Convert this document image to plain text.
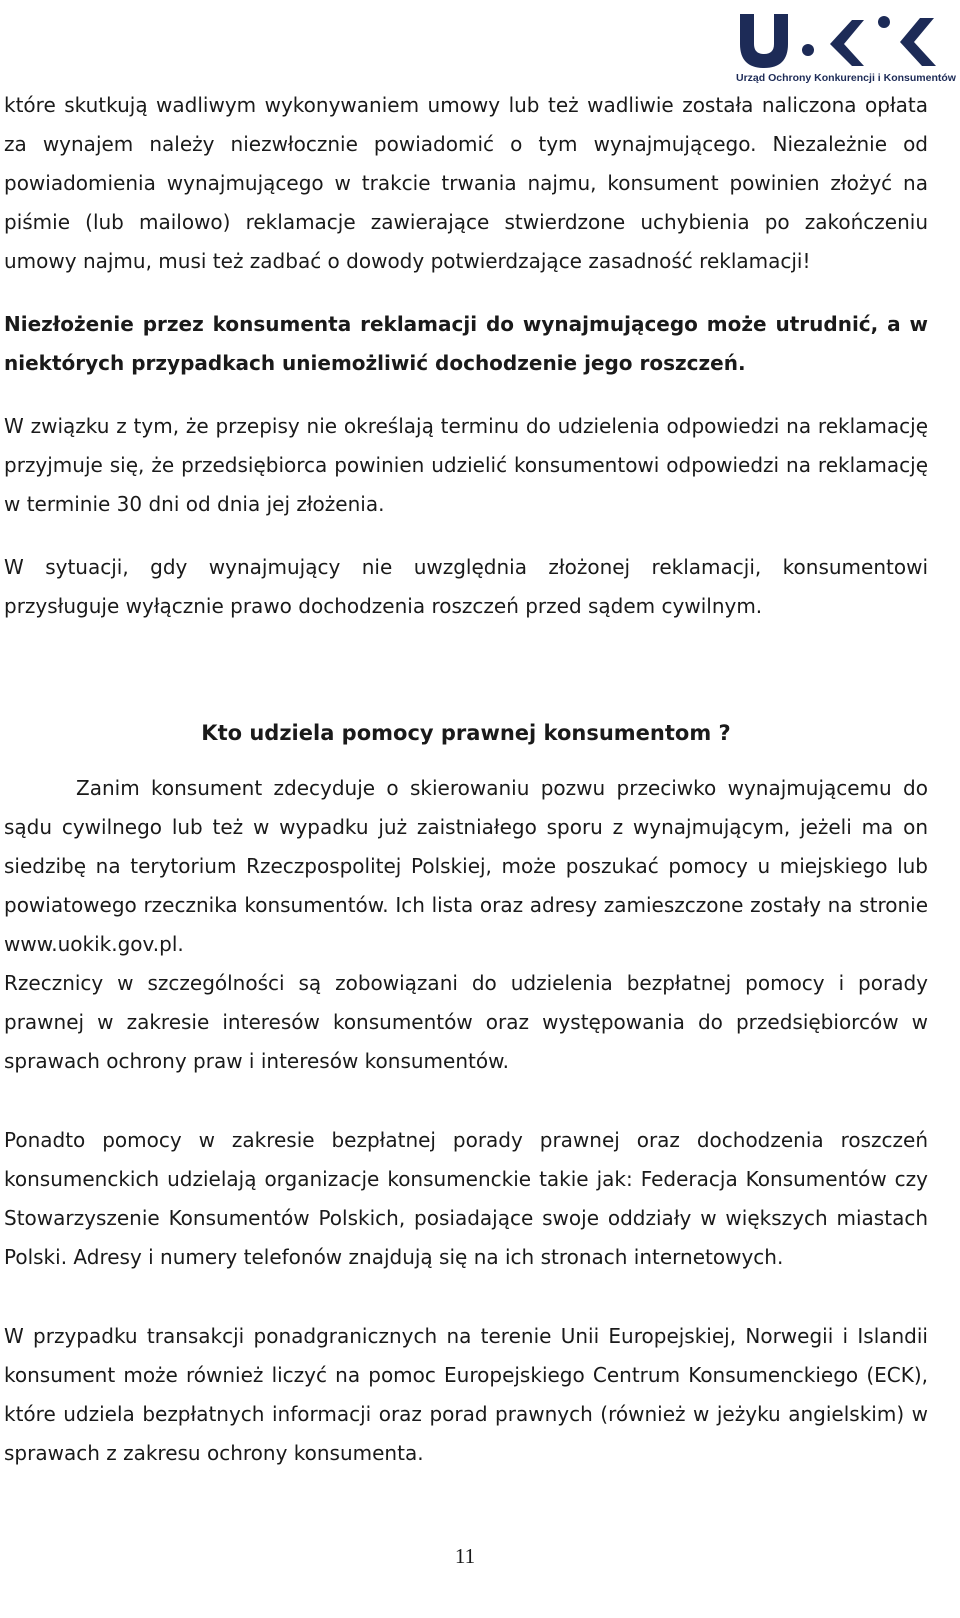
Urząd Ochrony Konkurencji i Konsumentów

które skutkują wadliwym wykonywaniem umowy lub też wadliwie została naliczona opłata za wynajem należy niezwłocznie powiadomić o tym wynajmującego. Niezależnie od powiadomienia wynajmującego w trakcie trwania najmu, konsument powinien złożyć na piśmie (lub mailowo) reklamacje zawierające stwierdzone uchybienia po zakończeniu umowy najmu, musi też zadbać o dowody potwierdzające zasadność reklamacji!

Niezłożenie przez konsumenta reklamacji do wynajmującego może utrudnić, a w niektórych przypadkach uniemożliwić dochodzenie jego roszczeń.

W związku z tym, że przepisy nie określają terminu do udzielenia odpowiedzi na reklamację przyjmuje się, że przedsiębiorca powinien udzielić konsumentowi odpowiedzi na reklamację w terminie 30 dni od dnia jej złożenia.

W sytuacji, gdy wynajmujący nie uwzględnia złożonej reklamacji, konsumentowi przysługuje wyłącznie prawo dochodzenia roszczeń przed sądem cywilnym.

Kto udziela pomocy prawnej konsumentom ?

Zanim konsument zdecyduje o skierowaniu pozwu przeciwko wynajmującemu do sądu cywilnego lub też w wypadku już zaistniałego sporu z wynajmującym, jeżeli ma on siedzibę na terytorium Rzeczpospolitej Polskiej, może poszukać pomocy u miejskiego lub powiatowego rzecznika konsumentów. Ich lista oraz adresy zamieszczone zostały na stronie www.uokik.gov.pl.

Rzecznicy w szczególności są zobowiązani do udzielenia bezpłatnej pomocy i porady prawnej w zakresie interesów konsumentów oraz występowania do przedsiębiorców w sprawach ochrony praw i interesów konsumentów.

Ponadto pomocy w zakresie bezpłatnej porady prawnej oraz dochodzenia roszczeń konsumenckich udzielają organizacje konsumenckie takie jak: Federacja Konsumentów czy Stowarzyszenie Konsumentów Polskich, posiadające swoje oddziały w większych miastach Polski. Adresy i numery telefonów znajdują się na ich stronach internetowych.

W przypadku transakcji ponadgranicznych na terenie Unii Europejskiej, Norwegii i Islandii konsument może również liczyć na pomoc Europejskiego Centrum Konsumenckiego (ECK), które udziela bezpłatnych informacji oraz porad prawnych (również w jeżyku angielskim) w sprawach z zakresu ochrony konsumenta.

11
